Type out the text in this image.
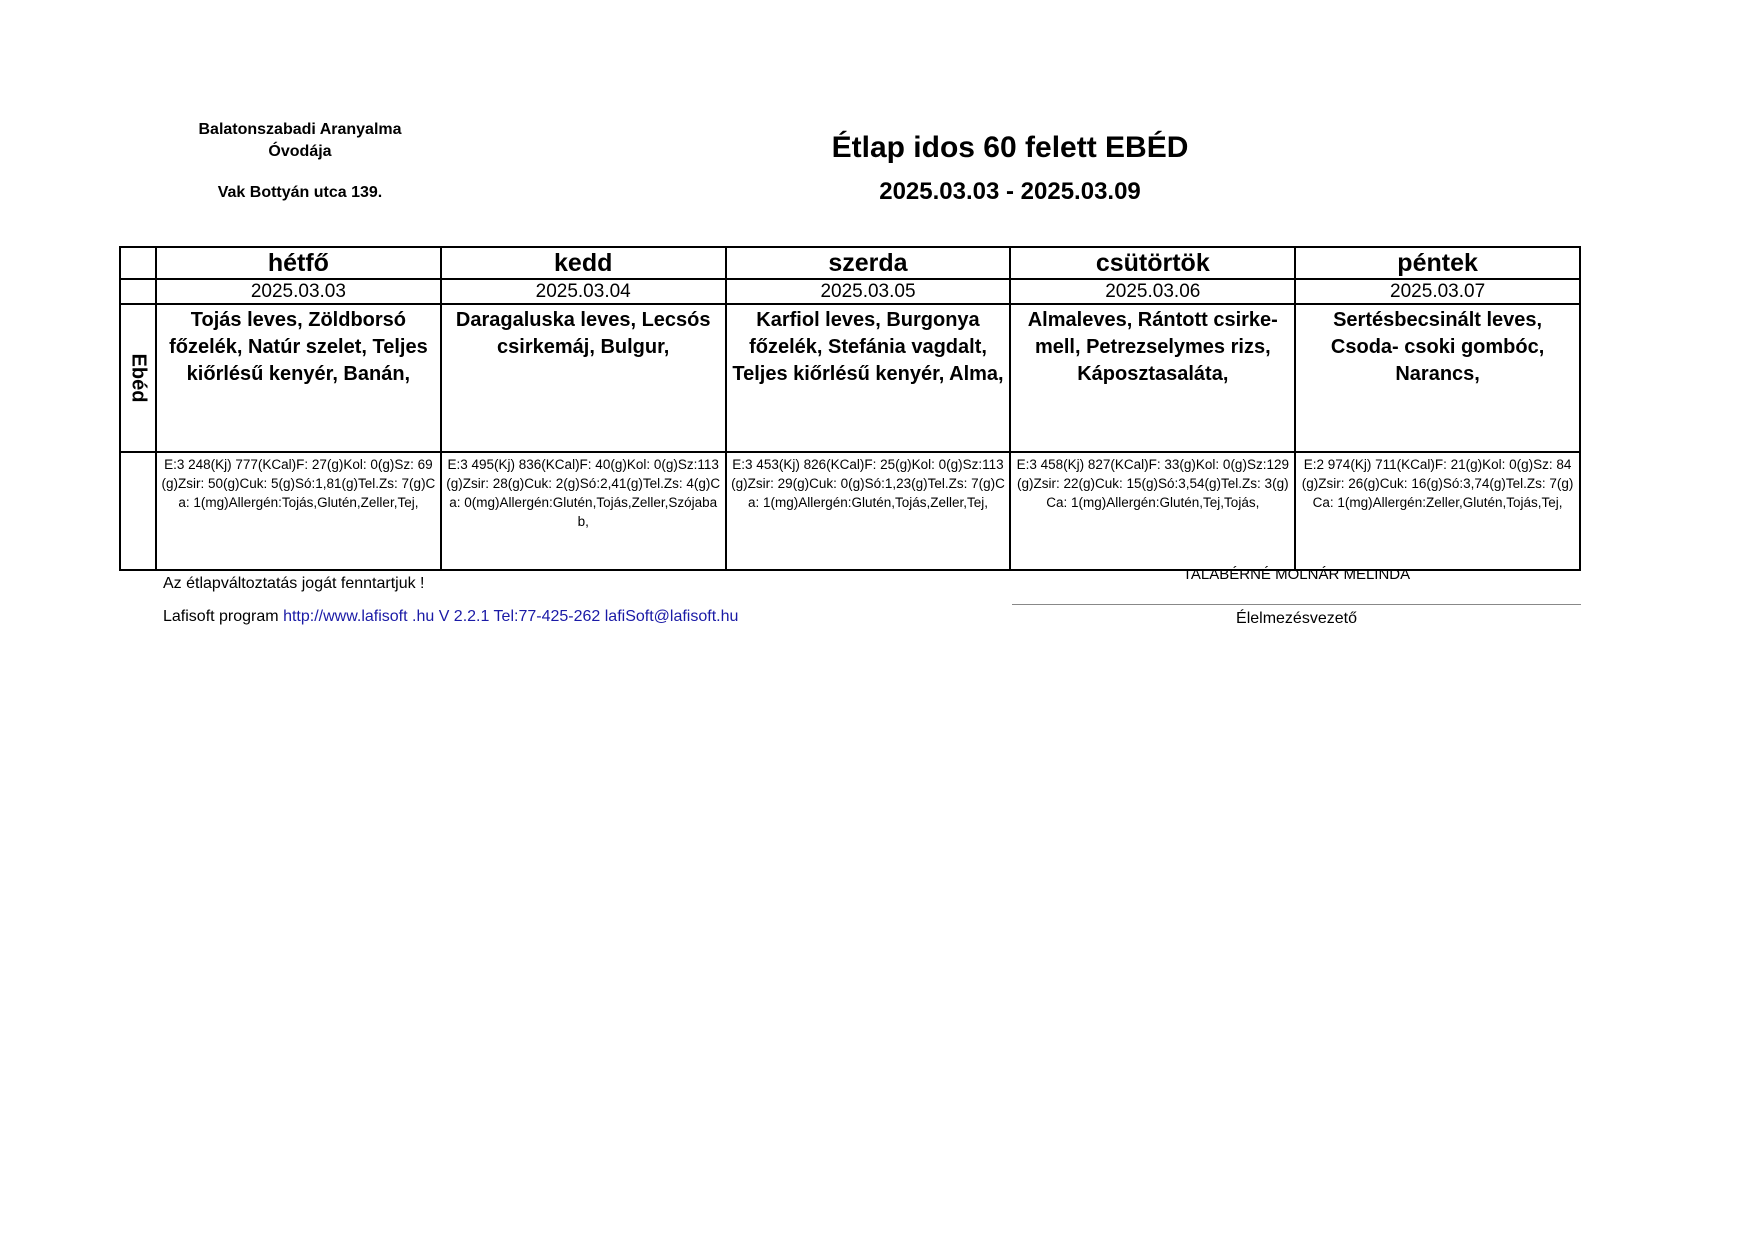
Balatonszabadi Aranyalma
Óvodája
Vak Bottyán utca 139.
Étlap idos 60 felett EBÉD
2025.03.03 - 2025.03.09
	hétfő	kedd	szerda	csütörtök	péntek
	2025.03.03	2025.03.04	2025.03.05	2025.03.06	2025.03.07

Ebéd	Tojás leves, Zöldborsó főzelék, Natúr szelet, Teljes kiőrlésű kenyér, Banán,	Daragaluska leves, Lecsós csirkemáj, Bulgur,	Karfiol leves, Burgonya főzelék, Stefánia vagdalt, Teljes kiőrlésű kenyér, Alma,	Almaleves, Rántott csirke-mell, Petrezselymes rizs, Káposztasaláta,	Sertésbecsinált leves, Csoda- csoki gombóc, Narancs,
	E:3 248(Kj) 777(KCal)F: 27(g)Kol: 0(g)Sz: 69(g)Zsir: 50(g)Cuk: 5(g)Só:1,81(g)Tel.Zs: 7(g)Ca: 1(mg)Allergén:Tojás,Glutén,Zeller,Tej,	E:3 495(Kj) 836(KCal)F: 40(g)Kol: 0(g)Sz:113(g)Zsir: 28(g)Cuk: 2(g)Só:2,41(g)Tel.Zs: 4(g)Ca: 0(mg)Allergén:Glutén,Tojás,Zeller,Szójabab,	E:3 453(Kj) 826(KCal)F: 25(g)Kol: 0(g)Sz:113(g)Zsir: 29(g)Cuk: 0(g)Só:1,23(g)Tel.Zs: 7(g)Ca: 1(mg)Allergén:Glutén,Tojás,Zeller,Tej,	E:3 458(Kj) 827(KCal)F: 33(g)Kol: 0(g)Sz:129(g)Zsir: 22(g)Cuk: 15(g)Só:3,54(g)Tel.Zs: 3(g)Ca: 1(mg)Allergén:Glutén,Tej,Tojás,	E:2 974(Kj) 711(KCal)F: 21(g)Kol: 0(g)Sz: 84(g)Zsir: 26(g)Cuk: 16(g)Só:3,74(g)Tel.Zs: 7(g)Ca: 1(mg)Allergén:Zeller,Glutén,Tojás,Tej,
Az étlapváltoztatás jogát fenntartjuk !
Lafisoft program http://www.lafisoft .hu V 2.2.1 Tel:77-425-262 lafiSoft@lafisoft.hu
TALABÉRNÉ MOLNÁR MELINDA
Élelmezésvezető
